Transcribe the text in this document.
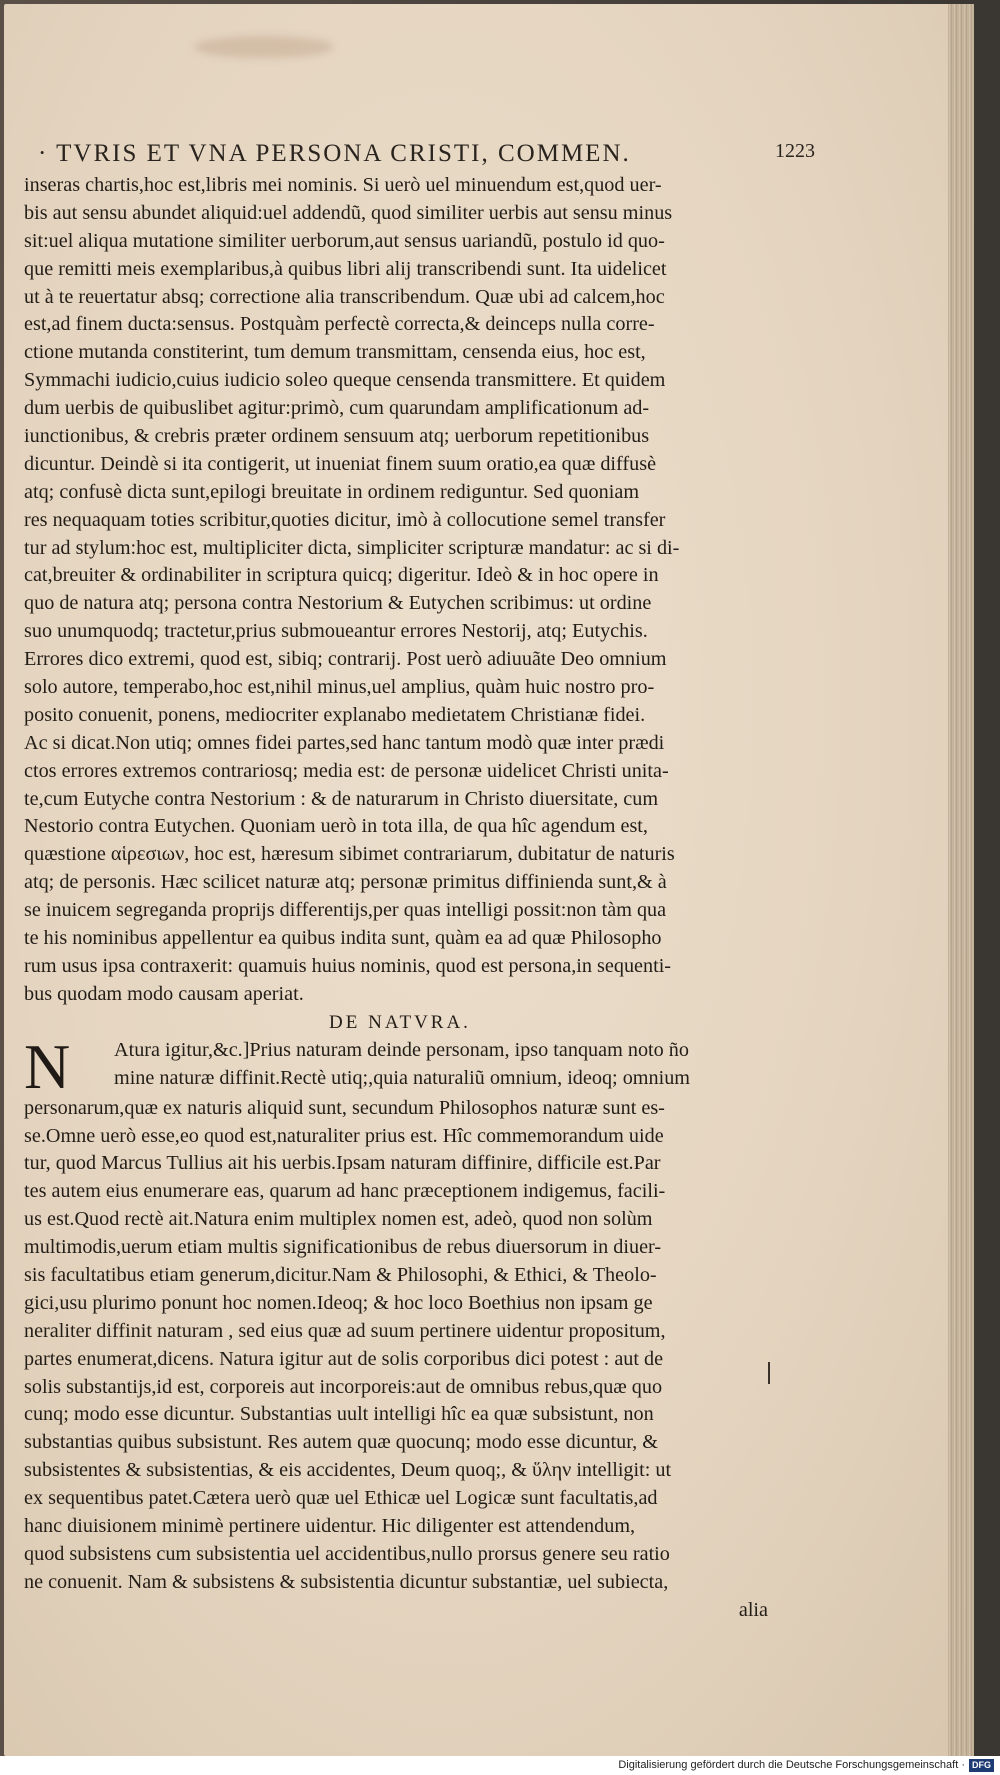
· TVRIS ET VNA PERSONA CRISTI, COMMEN.	1223
inseras chartis,hoc est,libris mei nominis. Si uerò uel minuendum est,quod uer-
bis aut sensu abundet aliquid:uel addendũ, quod similiter uerbis aut sensu minus
sit:uel aliqua mutatione similiter uerborum,aut sensus uariandũ, postulo id quo-
que remitti meis exemplaribus,à quibus libri alij transcribendi sunt. Ita uidelicet
ut à te reuertatur absq; correctione alia transcribendum. Quæ ubi ad calcem,hoc
est,ad finem ducta:sensus. Postquàm perfectè correcta,& deinceps nulla corre-
ctione mutanda constiterint, tum demum transmittam, censenda eius, hoc est,
Symmachi iudicio,cuius iudicio soleo queque censenda transmittere. Et quidem
dum uerbis de quibuslibet agitur:primò, cum quarundam amplificationum ad-
iunctionibus, & crebris præter ordinem sensuum atq; uerborum repetitionibus
dicuntur. Deindè si ita contigerit, ut inueniat finem suum oratio,ea quæ diffusè
atq; confusè dicta sunt,epilogi breuitate in ordinem rediguntur. Sed quoniam
res nequaquam toties scribitur,quoties dicitur, imò à collocutione semel transfer
tur ad stylum:hoc est, multipliciter dicta, simpliciter scripturæ mandatur: ac si di-
cat,breuiter & ordinabiliter in scriptura quicq; digeritur. Ideò & in hoc opere in
quo de natura atq; persona contra Nestorium & Eutychen scribimus: ut ordine
suo unumquodq; tractetur,prius submoueantur errores Nestorij, atq; Eutychis.
Errores dico extremi, quod est, sibiq; contrarij. Post uerò adiuuãte Deo omnium
solo autore, temperabo,hoc est,nihil minus,uel amplius, quàm huic nostro pro-
posito conuenit, ponens, mediocriter explanabo medietatem Christianæ fidei.
Ac si dicat.Non utiq; omnes fidei partes,sed hanc tantum modò quæ inter prædi
ctos errores extremos contrariosq; media est: de personæ uidelicet Christi unita-
te,cum Eutyche contra Nestorium : & de naturarum in Christo diuersitate, cum
Nestorio contra Eutychen. Quoniam uerò in tota illa, de qua hîc agendum est,
quæstione αἱρεσιων, hoc est, hæresum sibimet contrariarum, dubitatur de naturis
atq; de personis. Hæc scilicet naturæ atq; personæ primitus diffinienda sunt,& à
se inuicem segreganda proprijs differentijs,per quas intelligi possit:non tàm qua
te his nominibus appellentur ea quibus indita sunt, quàm ea ad quæ Philosopho
rum usus ipsa contraxerit: quamuis huius nominis, quod est persona,in sequenti-
bus quodam modo causam aperiat.
DE NATVRA.
N	Atura igitur,&c.]Prius naturam deinde personam, ipso tanquam noto ño
mine naturæ diffinit.Rectè utiq;,quia naturaliũ omnium, ideoq; omnium
personarum,quæ ex naturis aliquid sunt, secundum Philosophos naturæ sunt es-
se.Omne uerò esse,eo quod est,naturaliter prius est. Hîc commemorandum uide
tur, quod Marcus Tullius ait his uerbis.Ipsam naturam diffinire, difficile est.Par
tes autem eius enumerare eas, quarum ad hanc præceptionem indigemus, facili-
us est.Quod rectè ait.Natura enim multiplex nomen est, adeò, quod non solùm
multimodis,uerum etiam multis significationibus de rebus diuersorum in diuer-
sis facultatibus etiam generum,dicitur.Nam & Philosophi, & Ethici, & Theolo-
gici,usu plurimo ponunt hoc nomen.Ideoq; & hoc loco Boethius non ipsam ge
neraliter diffinit naturam , sed eius quæ ad suum pertinere uidentur propositum,
partes enumerat,dicens. Natura igitur aut de solis corporibus dici potest : aut de
solis substantijs,id est, corporeis aut incorporeis:aut de omnibus rebus,quæ quo
cunq; modo esse dicuntur. Substantias uult intelligi hîc ea quæ subsistunt, non
substantias quibus subsistunt. Res autem quæ quocunq; modo esse dicuntur, &
subsistentes & subsistentias, & eis accidentes, Deum quoq;, & ὕλην intelligit: ut
ex sequentibus patet.Cætera uerò quæ uel Ethicæ uel Logicæ sunt facultatis,ad
hanc diuisionem minimè pertinere uidentur. Hic diligenter est attendendum,
quod subsistens cum subsistentia uel accidentibus,nullo prorsus genere seu ratio
ne conuenit. Nam & subsistens & subsistentia dicuntur substantiæ, uel subiecta,
alia
Digitalisierung gefördert durch die Deutsche Forschungsgemeinschaft · DFG
